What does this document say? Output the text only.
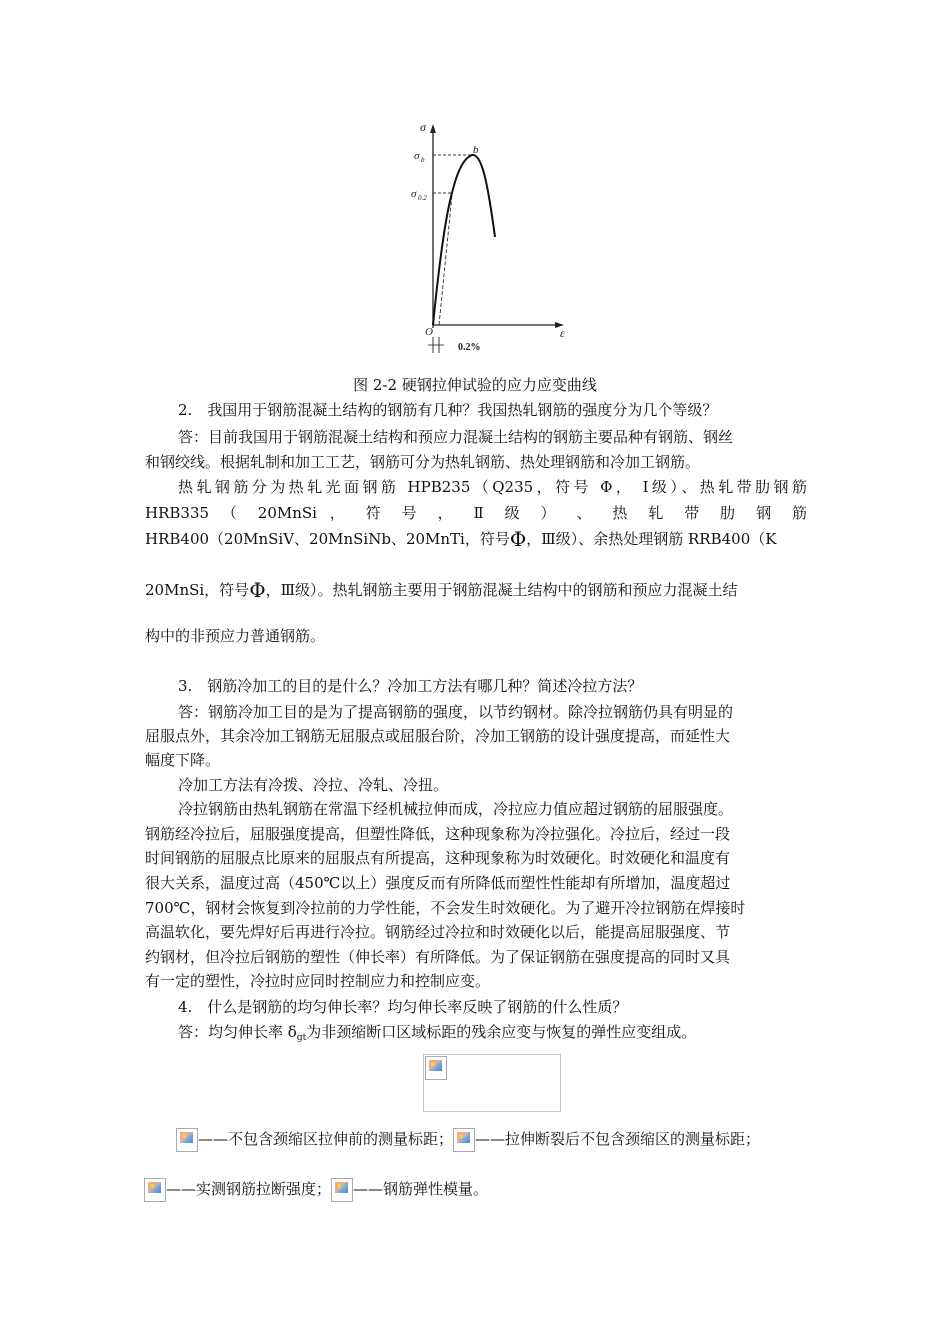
σ
σ b
σ 0.2
b
O	ε
0.2%
图 2-2 硬钢拉伸试验的应力应变曲线
2.　我国用于钢筋混凝土结构的钢筋有几种？我国热轧钢筋的强度分为几个等级？
答：目前我国用于钢筋混凝土结构和预应力混凝土结构的钢筋主要品种有钢筋、钢丝
和钢绞线。根据轧制和加工工艺，钢筋可分为热轧钢筋、热处理钢筋和冷加工钢筋。
热轧钢筋分为热轧光面钢筋 HPB235（Q235，符号 Φ， Ⅰ级）、热轧带肋钢筋
HRB335 （ 20MnSi ， 符 号 ， Ⅱ 级 ） 、 热 轧 带 肋 钢 筋
HRB400（20MnSiV、20MnSiNb、20MnTi，符号Φ，Ⅲ级）、余热处理钢筋 RRB400（K
20MnSi，符号Φ，Ⅲ级）。热轧钢筋主要用于钢筋混凝土结构中的钢筋和预应力混凝土结
构中的非预应力普通钢筋。
3.　钢筋冷加工的目的是什么？冷加工方法有哪几种？简述冷拉方法？
答：钢筋冷加工目的是为了提高钢筋的强度，以节约钢材。除冷拉钢筋仍具有明显的
屈服点外，其余冷加工钢筋无屈服点或屈服台阶，冷加工钢筋的设计强度提高，而延性大
幅度下降。
冷加工方法有冷拨、冷拉、冷轧、冷扭。
冷拉钢筋由热轧钢筋在常温下经机械拉伸而成，冷拉应力值应超过钢筋的屈服强度。
钢筋经冷拉后，屈服强度提高，但塑性降低，这种现象称为冷拉强化。冷拉后，经过一段
时间钢筋的屈服点比原来的屈服点有所提高，这种现象称为时效硬化。时效硬化和温度有
很大关系，温度过高（450℃以上）强度反而有所降低而塑性性能却有所增加，温度超过
700℃，钢材会恢复到冷拉前的力学性能，不会发生时效硬化。为了避开冷拉钢筋在焊接时
高温软化，要先焊好后再进行冷拉。钢筋经过冷拉和时效硬化以后，能提高屈服强度、节
约钢材，但冷拉后钢筋的塑性（伸长率）有所降低。为了保证钢筋在强度提高的同时又具
有一定的塑性，冷拉时应同时控制应力和控制应变。
4.　什么是钢筋的均匀伸长率？均匀伸长率反映了钢筋的什么性质？
答：均匀伸长率 $\delta_{gt}$为非颈缩断口区域标距的残余应变与恢复的弹性应变组成。
——不包含颈缩区拉伸前的测量标距； ——拉伸断裂后不包含颈缩区的测量标距；
——实测钢筋拉断强度； ——钢筋弹性模量。
